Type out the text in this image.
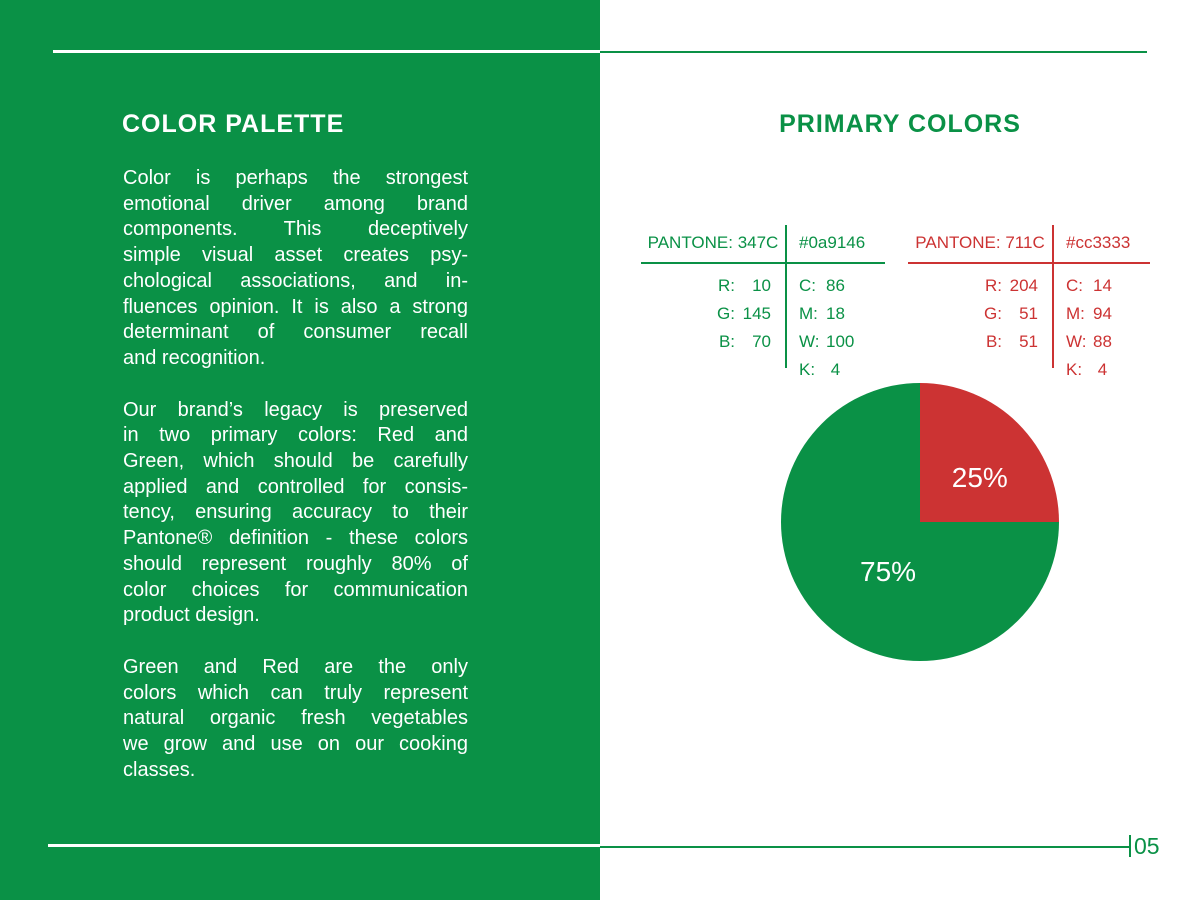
COLOR PALETTE
Color is perhaps the strongest
emotional driver among brand
components. This deceptively
simple visual asset creates psy-
chological associations, and in-
fluences opinion. It is also a strong
determinant of consumer recall
and recognition.
Our brand’s legacy is preserved
in two primary colors: Red and
Green, which should be carefully
applied and controlled for consis-
tency, ensuring accuracy to their
Pantone® definition - these colors
should represent roughly 80% of
color choices for communication
product design.
Green and Red are the only
colors which can truly represent
natural organic fresh vegetables
we grow and use on our cooking
classes.
PRIMARY COLORS
PANTONE: 347C	#0a9146
R:	10
G: 145
B:	70
C: 86
M: 18
W: 100
K: 4
PANTONE: 711C	#cc3333
R: 204
G:	51
B:	51
C: 14
M: 94
W: 88
K: 4
25%
75%
05
